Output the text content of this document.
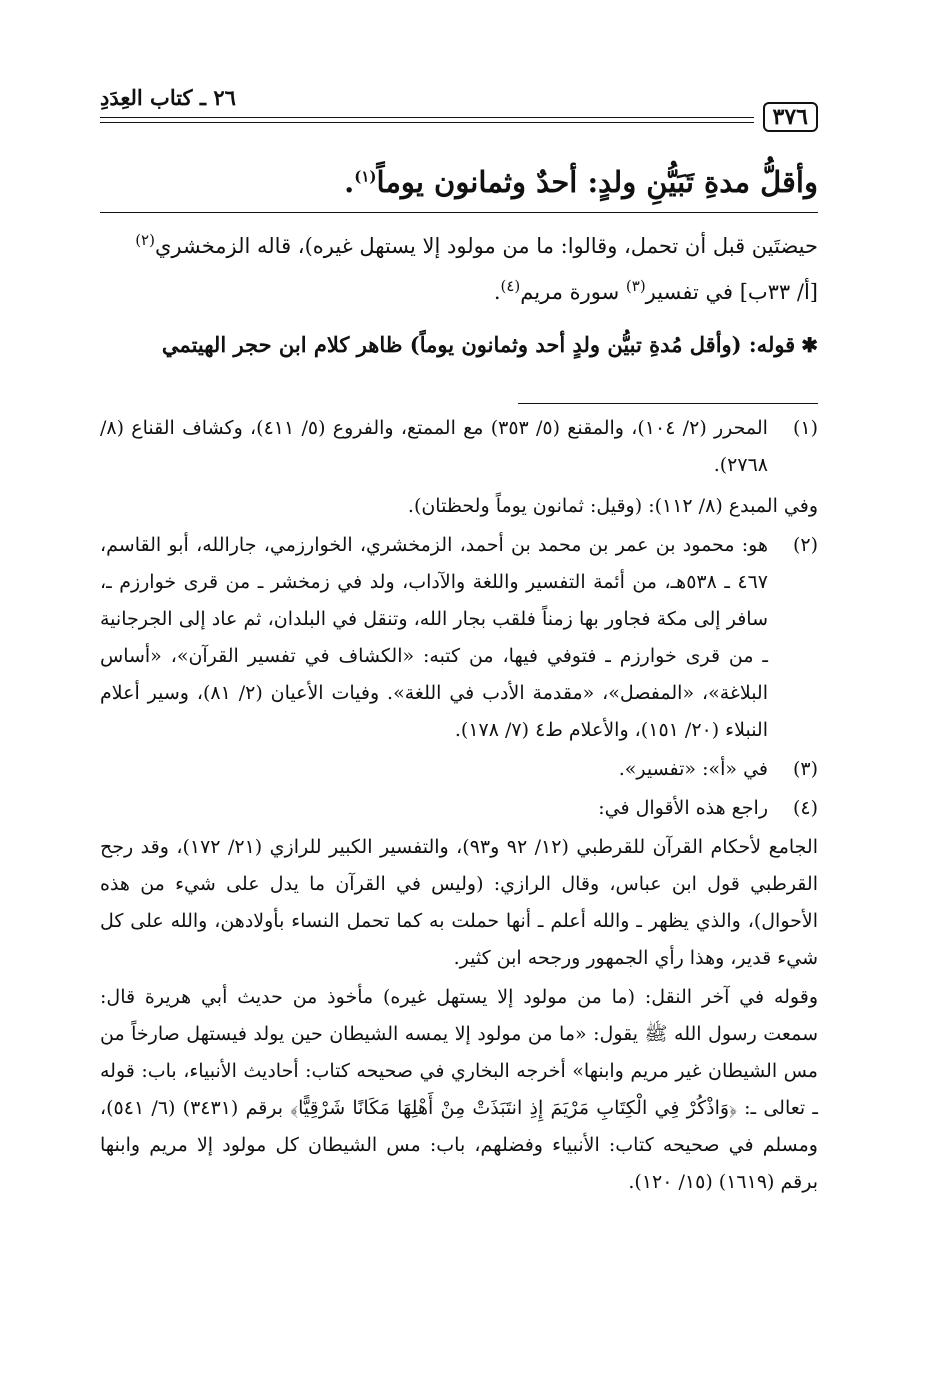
٣٧٦
٢٦ ـ كتاب العِدَدِ
وأقلُّ مدةِ تَبَيُّنِ ولدٍ: أحدٌ وثمانون يوماً$^{(١)}$.
حيضتَين قبل أن تحمل، وقالوا: ما من مولود إلا يستهل غيره)، قاله الزمخشري$^{(٢)}$
[أ/ ٣٣ب] في تفسير$^{(٣)}$ سورة مريم$^{(٤)}$.
✱قوله: (وأقل مُدةِ تبيُّن ولدٍ أحد وثمانون يوماً) ظاهر كلام ابن حجر الهيتمي
(١)

المحرر (٢/ ١٠٤)، والمقنع (٥/ ٣٥٣) مع الممتع، والفروع (٥/ ٤١١)، وكشاف القناع (٨/ ٢٧٦٨).

وفي المبدع (٨/ ١١٢): (وقيل: ثمانون يوماً ولحظتان).

(٢)

هو: محمود بن عمر بن محمد بن أحمد، الزمخشري، الخوارزمي، جارالله، أبو القاسم، ٤٦٧ ـ ٥٣٨هـ، من أئمة التفسير واللغة والآداب، ولد في زمخشر ـ من قرى خوارزم ـ، سافر إلى مكة فجاور بها زمناً فلقب بجار الله، وتنقل في البلدان، ثم عاد إلى الجرجانية ـ من قرى خوارزم ـ فتوفي فيها، من كتبه: «الكشاف في تفسير القرآن»، «أساس البلاغة»، «المفصل»، «مقدمة الأدب في اللغة». وفيات الأعيان (٢/ ٨١)، وسير أعلام النبلاء (٢٠/ ١٥١)، والأعلام ط٤ (٧/ ١٧٨).

(٣)

في «أ»: «تفسير».

(٤)

راجع هذه الأقوال في:

الجامع لأحكام القرآن للقرطبي (١٢/ ٩٢ و٩٣)، والتفسير الكبير للرازي (٢١/ ١٧٢)، وقد رجح القرطبي قول ابن عباس، وقال الرازي: (وليس في القرآن ما يدل على شيء من هذه الأحوال)، والذي يظهر ـ والله أعلم ـ أنها حملت به كما تحمل النساء بأولادهن، والله على كل شيء قدير، وهذا رأي الجمهور ورجحه ابن كثير.
وقوله في آخر النقل: (ما من مولود إلا يستهل غيره) مأخوذ من حديث أبي هريرة قال: سمعت رسول الله ﷺ يقول: «ما من مولود إلا يمسه الشيطان حين يولد فيستهل صارخاً من مس الشيطان غير مريم وابنها» أخرجه البخاري في صحيحه كتاب: أحاديث الأنبياء، باب: قوله ـ تعالى ـ: ﴿وَاذْكُرْ فِي الْكِتَابِ مَرْيَمَ إِذِ انتَبَذَتْ مِنْ أَهْلِهَا مَكَانًا شَرْقِيًّا﴾ برقم (٣٤٣١) (٦/ ٥٤١)، ومسلم في صحيحه كتاب: الأنبياء وفضلهم، باب: مس الشيطان كل مولود إلا مريم وابنها برقم (١٦١٩) (١٥/ ١٢٠).
